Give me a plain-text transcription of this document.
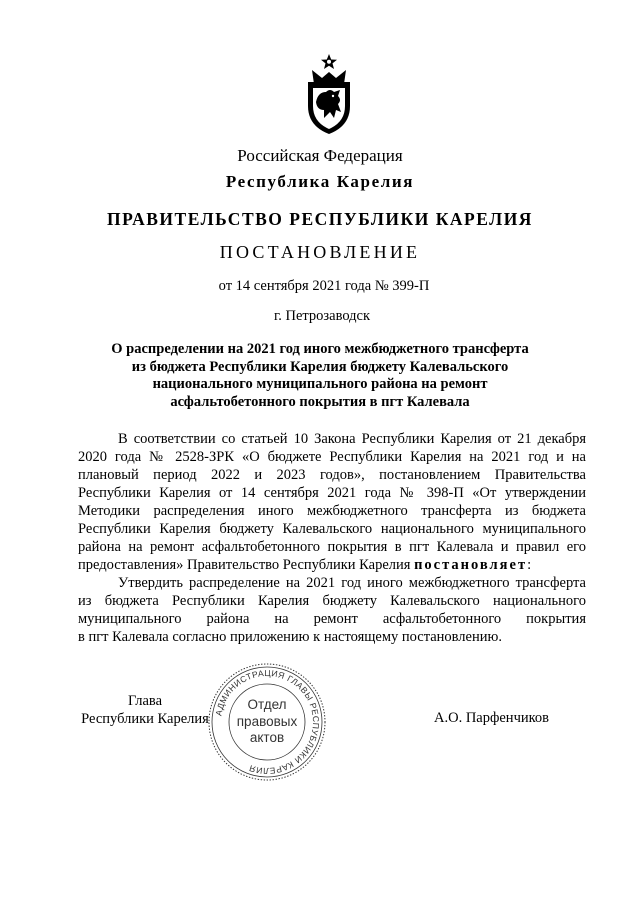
Российская Федерация
Республика Карелия
ПРАВИТЕЛЬСТВО РЕСПУБЛИКИ КАРЕЛИЯ
ПОСТАНОВЛЕНИЕ
от 14 сентября 2021 года № 399-П
г. Петрозаводск
О распределении на 2021 год иного межбюджетного трансферта
из бюджета Республики Карелия бюджету Калевальского
национального муниципального района на ремонт
асфальтобетонного покрытия в пгт Калевала
В соответствии со статьей 10 Закона Республики Карелия от 21 декабря
2020 года № 2528-ЗРК «О бюджете Республики Карелия на 2021 год и на
плановый период 2022 и 2023 годов», постановлением Правительства
Республики Карелия от 14 сентября 2021 года № 398-П «От утверждении
Методики распределения иного межбюджетного трансферта из бюджета
Республики Карелия бюджету Калевальского национального муниципального
района на ремонт асфальтобетонного покрытия в пгт Калевала и правил его
предоставления» Правительство Республики Карелия постановляет:
Утвердить распределение на 2021 год иного межбюджетного трансферта
из бюджета Республики Карелия бюджету Калевальского национального
муниципального района на ремонт асфальтобетонного покрытия
в пгт Калевала согласно приложению к настоящему постановлению.
Глава
Республики Карелия АДМИНИСТРАЦИЯ ГЛАВЫ РЕСПУБЛИКИ КАРЕЛИЯ
Отдел
правовых
актов
А.О. Парфенчиков
